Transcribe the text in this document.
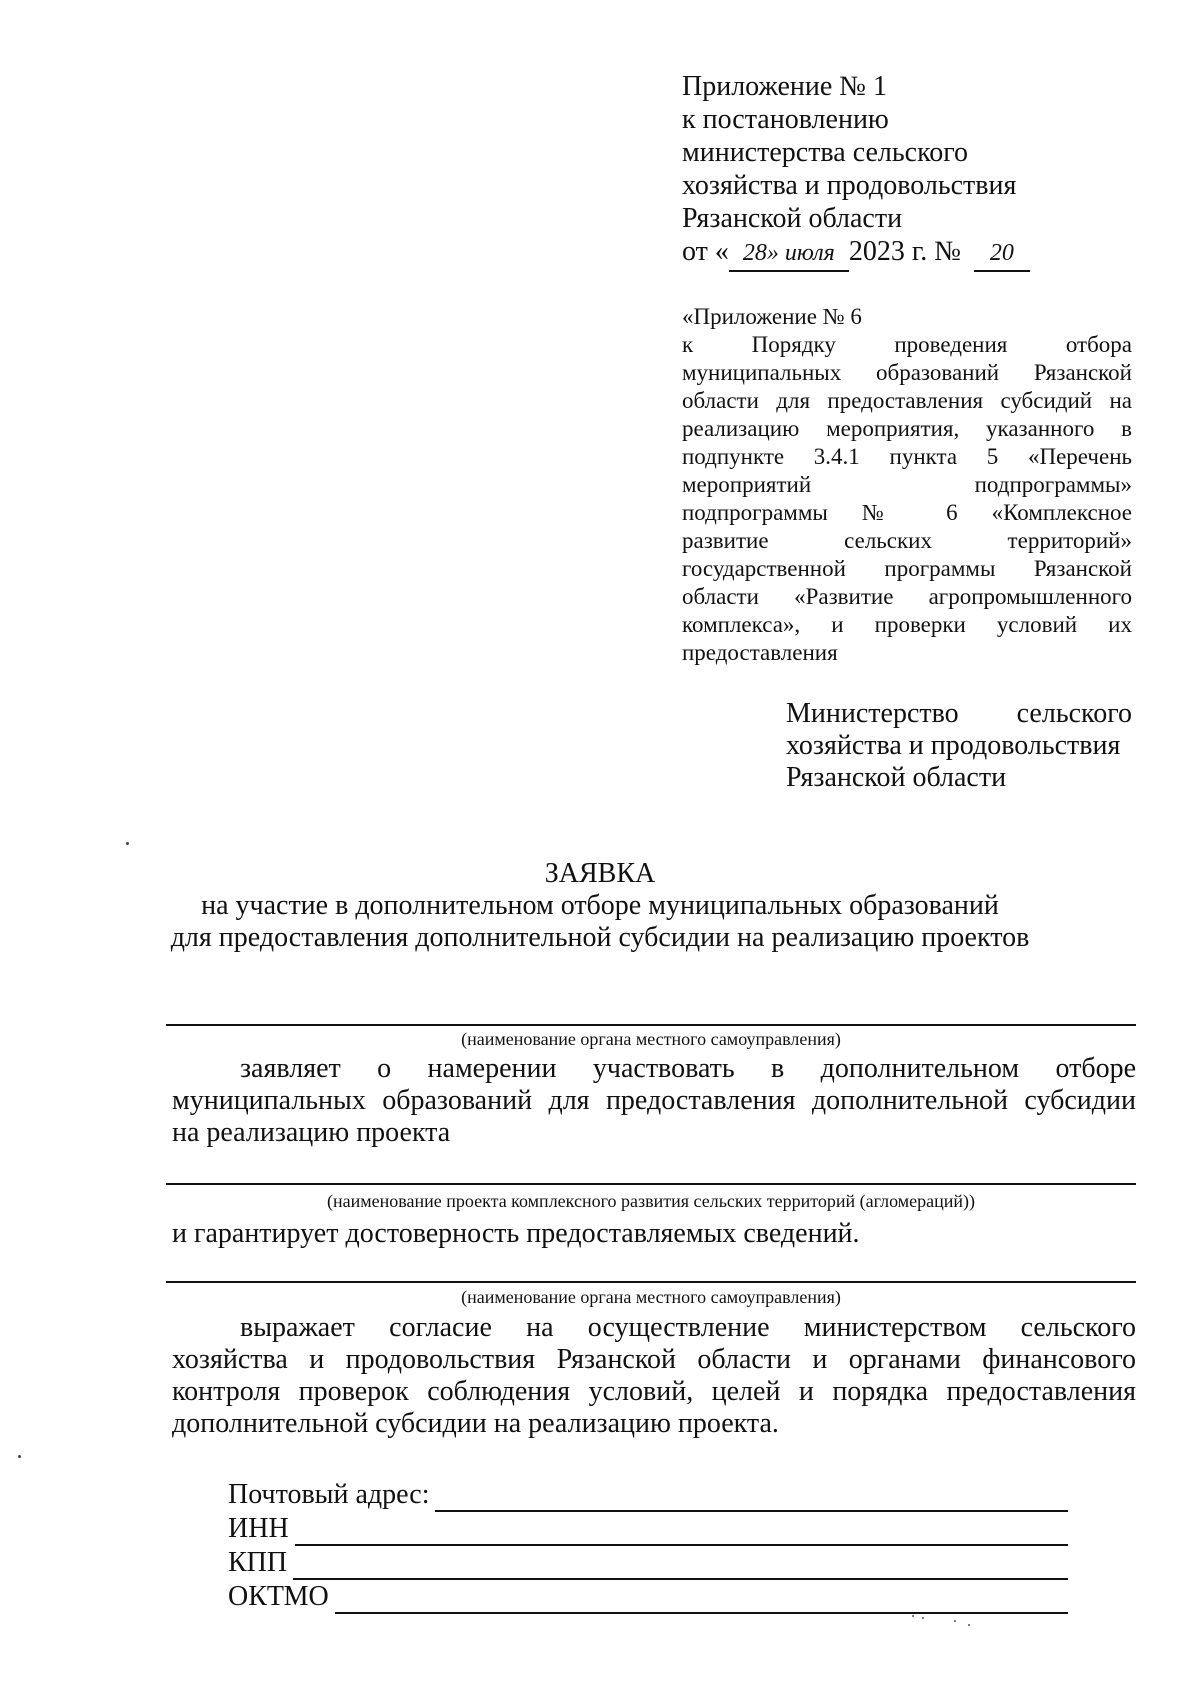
Приложение № 1
к постановлению
министерства сельского
хозяйства и продовольствия
Рязанской области
от « 28» июля 2023 г. № 20
«Приложение № 6
к Порядку проведения отбора
муниципальных образований Рязанской
области для предоставления субсидий на
реализацию мероприятия, указанного в
подпункте 3.4.1 пункта 5 «Перечень
мероприятий подпрограммы»
подпрограммы № 6 «Комплексное
развитие сельских территорий»
государственной программы Рязанской
области «Развитие агропромышленного
комплекса», и проверки условий их
предоставления
Министерство сельского
хозяйства и продовольствия
Рязанской области
ЗАЯВКА
на участие в дополнительном отборе муниципальных образований
для предоставления дополнительной субсидии на реализацию проектов
(наименование органа местного самоуправления)
заявляет о намерении участвовать в дополнительном отборе
муниципальных образований для предоставления дополнительной субсидии
на реализацию проекта
(наименование проекта комплексного развития сельских территорий (агломераций))
и гарантирует достоверность предоставляемых сведений.
(наименование органа местного самоуправления)
выражает согласие на осуществление министерством сельского
хозяйства и продовольствия Рязанской области и органами финансового
контроля проверок соблюдения условий, целей и порядка предоставления
дополнительной субсидии на реализацию проекта.
Почтовый адрес:
ИНН
КПП
ОКТМО
